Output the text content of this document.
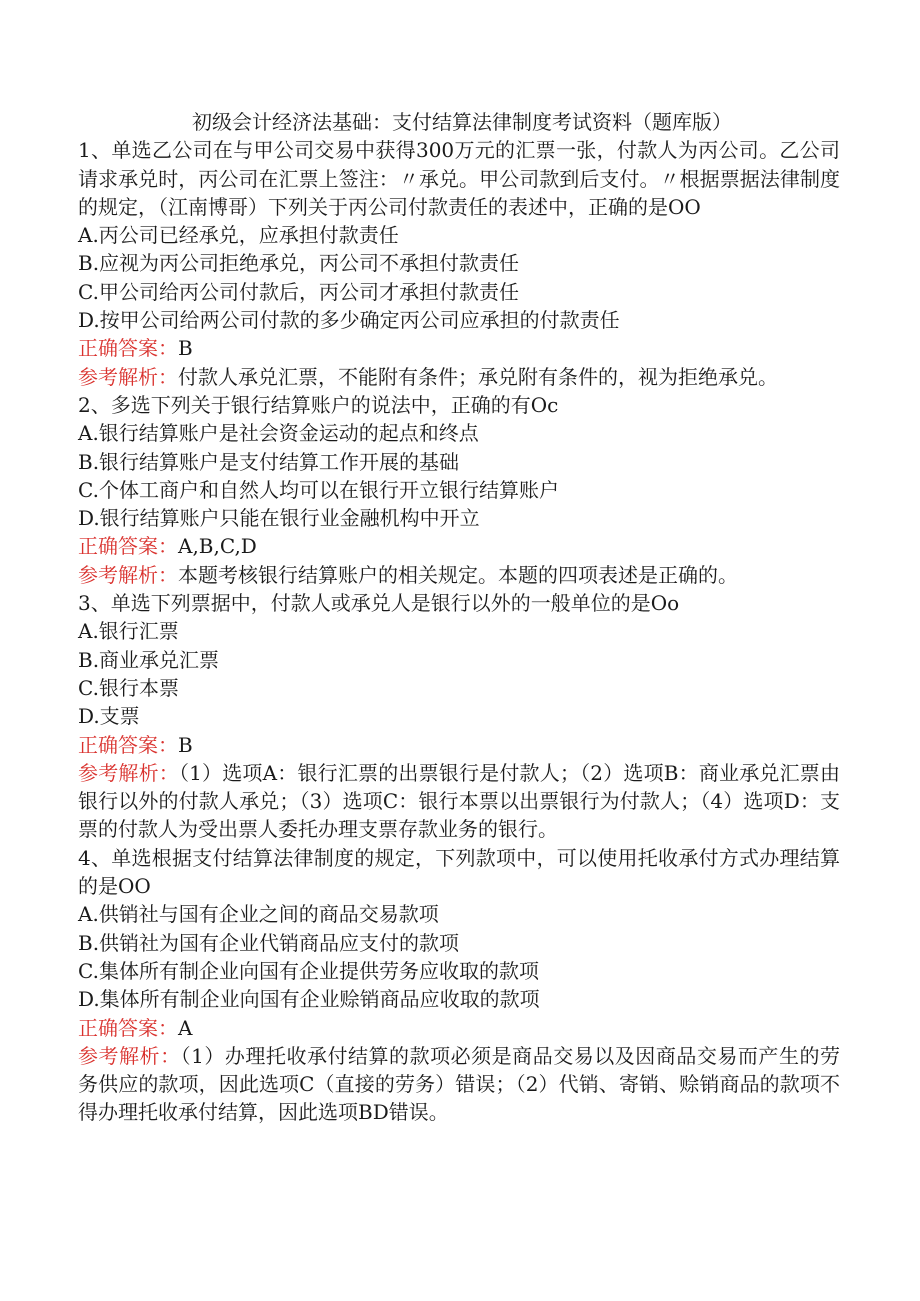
初级会计经济法基础：支付结算法律制度考试资料（题库版）

1、单选乙公司在与甲公司交易中获得300万元的汇票一张，付款人为丙公司。乙公司请求承兑时，丙公司在汇票上签注：〃承兑。甲公司款到后支付。〃根据票据法律制度的规定，（江南博哥）下列关于丙公司付款责任的表述中，正确的是OO

A.丙公司已经承兑，应承担付款责任
B.应视为丙公司拒绝承兑，丙公司不承担付款责任
C.甲公司给丙公司付款后，丙公司才承担付款责任
D.按甲公司给两公司付款的多少确定丙公司应承担的付款责任

正确答案：B

参考解析：付款人承兑汇票，不能附有条件；承兑附有条件的，视为拒绝承兑。

2、多选下列关于银行结算账户的说法中，正确的有Oc

A.银行结算账户是社会资金运动的起点和终点
B.银行结算账户是支付结算工作开展的基础
C.个体工商户和自然人均可以在银行开立银行结算账户
D.银行结算账户只能在银行业金融机构中开立

正确答案：A,B,C,D

参考解析：本题考核银行结算账户的相关规定。本题的四项表述是正确的。

3、单选下列票据中，付款人或承兑人是银行以外的一般单位的是Oo

A.银行汇票
B.商业承兑汇票
C.银行本票
D.支票

正确答案：B

参考解析：（1）选项A：银行汇票的出票银行是付款人；（2）选项B：商业承兑汇票由银行以外的付款人承兑；（3）选项C：银行本票以出票银行为付款人；（4）选项D：支票的付款人为受出票人委托办理支票存款业务的银行。

4、单选根据支付结算法律制度的规定，下列款项中，可以使用托收承付方式办理结算的是OO

A.供销社与国有企业之间的商品交易款项
B.供销社为国有企业代销商品应支付的款项
C.集体所有制企业向国有企业提供劳务应收取的款项
D.集体所有制企业向国有企业赊销商品应收取的款项

正确答案：A

参考解析：（1）办理托收承付结算的款项必须是商品交易以及因商品交易而产生的劳务供应的款项，因此选项C（直接的劳务）错误；（2）代销、寄销、赊销商品的款项不得办理托收承付结算，因此选项BD错误。
